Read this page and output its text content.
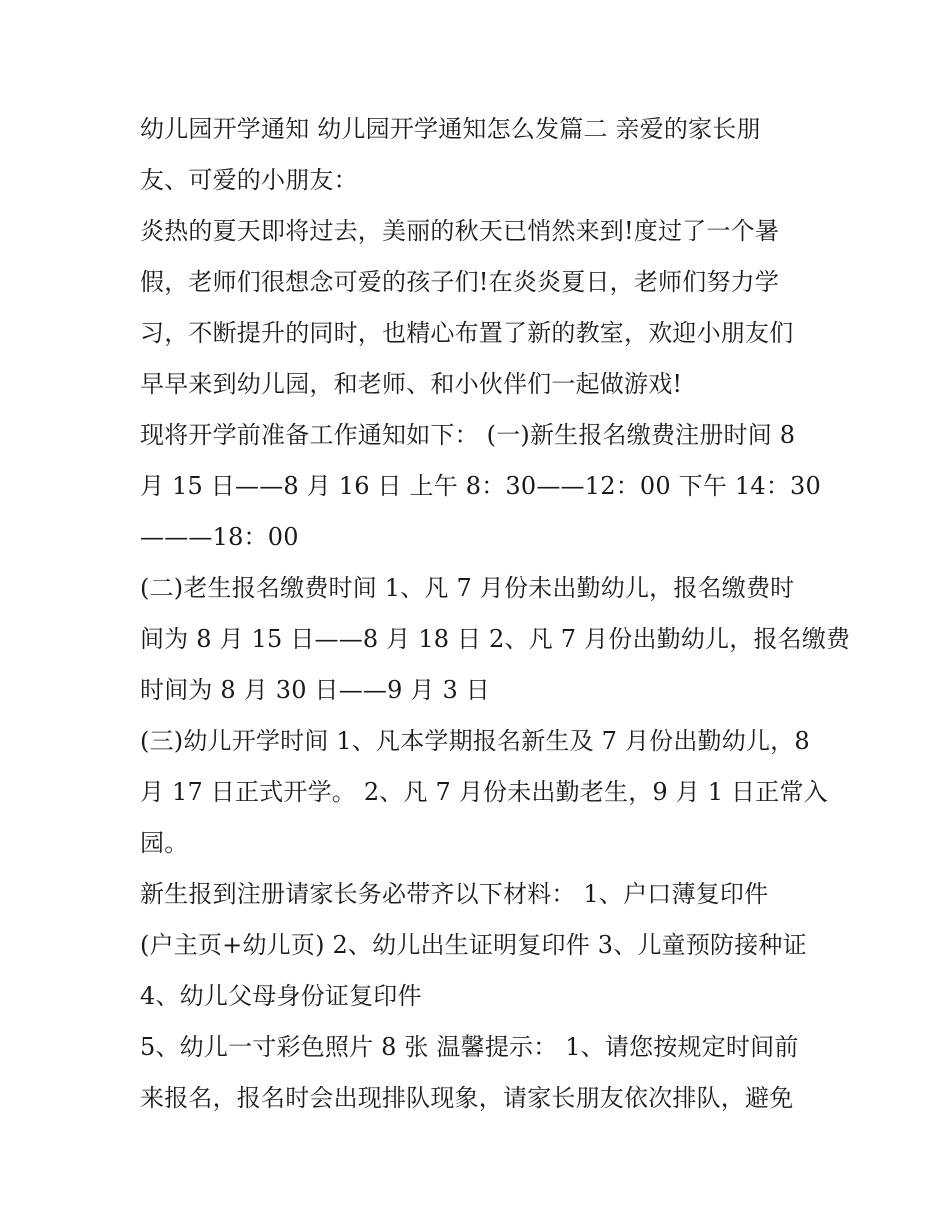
幼儿园开学通知 幼儿园开学通知怎么发篇二 亲爱的家长朋

友、可爱的小朋友：

炎热的夏天即将过去，美丽的秋天已悄然来到!度过了一个暑

假，老师们很想念可爱的孩子们!在炎炎夏日，老师们努力学

习，不断提升的同时，也精心布置了新的教室，欢迎小朋友们

早早来到幼儿园，和老师、和小伙伴们一起做游戏!

现将开学前准备工作通知如下： (一)新生报名缴费注册时间 8

月 15 日——8 月 16 日 上午 8：30——12：00 下午 14：30

———18：00

(二)老生报名缴费时间 1、凡 7 月份未出勤幼儿，报名缴费时

间为 8 月 15 日——8 月 18 日 2、凡 7 月份出勤幼儿，报名缴费

时间为 8 月 30 日——9 月 3 日

(三)幼儿开学时间 1、凡本学期报名新生及 7 月份出勤幼儿，8

月 17 日正式开学。 2、凡 7 月份未出勤老生，9 月 1 日正常入

园。

新生报到注册请家长务必带齐以下材料： 1、户口薄复印件

(户主页+幼儿页) 2、幼儿出生证明复印件 3、儿童预防接种证

4、幼儿父母身份证复印件

5、幼儿一寸彩色照片 8 张 温馨提示： 1、请您按规定时间前

来报名，报名时会出现排队现象，请家长朋友依次排队，避免
